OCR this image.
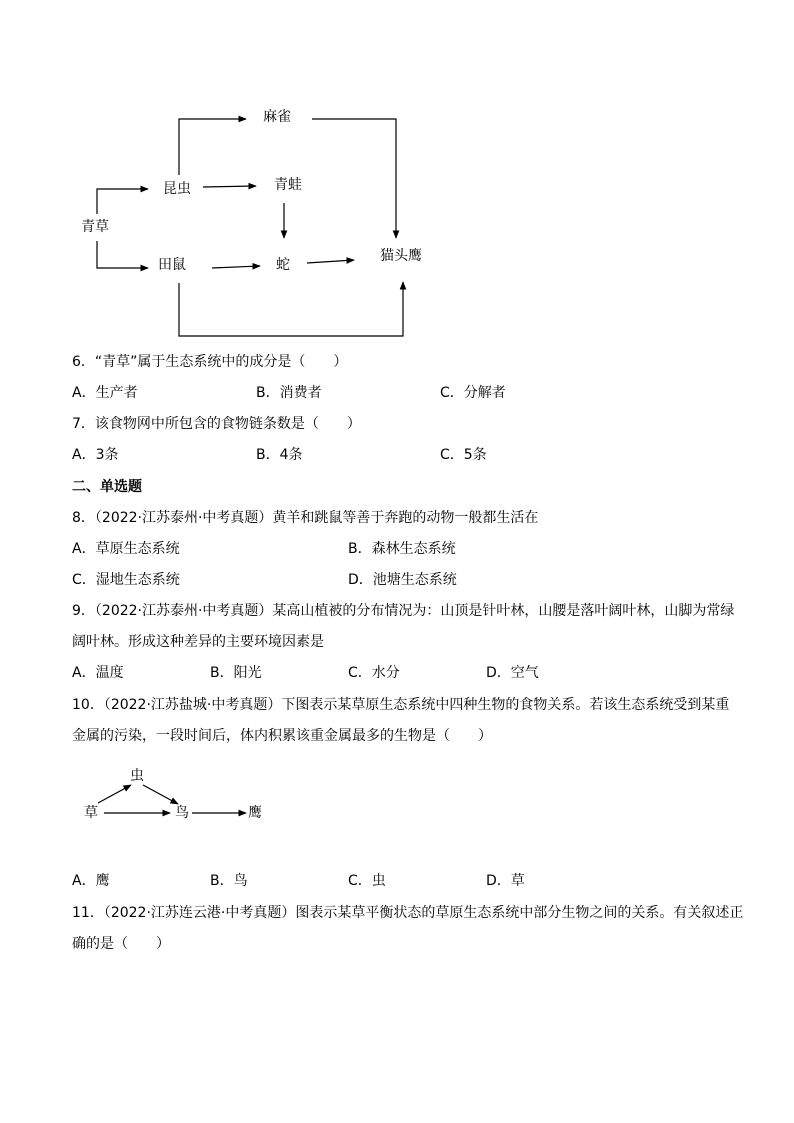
麻雀
昆虫	青蛙
青草
田鼠	蛇
猫头鹰
6．“青草”属于生态系统中的成分是（　　）
A．生产者	B．消费者	C．分解者
7．该食物网中所包含的食物链条数是（　　）
A．3条	B．4条	C．5条
二、单选题
8．（2022·江苏泰州·中考真题）黄羊和跳鼠等善于奔跑的动物一般都生活在
A．草原生态系统	B．森林生态系统
C．湿地生态系统	D．池塘生态系统
9．（2022·江苏泰州·中考真题）某高山植被的分布情况为：山顶是针叶林，山腰是落叶阔叶林，山脚为常绿
阔叶林。形成这种差异的主要环境因素是
A．温度	B．阳光	C．水分	D．空气
10．（2022·江苏盐城·中考真题）下图表示某草原生态系统中四种生物的食物关系。若该生态系统受到某重
金属的污染，一段时间后，体内积累该重金属最多的生物是（　　）
虫
草	鸟	鹰
A．鹰	B．鸟	C．虫	D．草
11．（2022·江苏连云港·中考真题）图表示某草平衡状态的草原生态系统中部分生物之间的关系。有关叙述正
确的是（　　）
